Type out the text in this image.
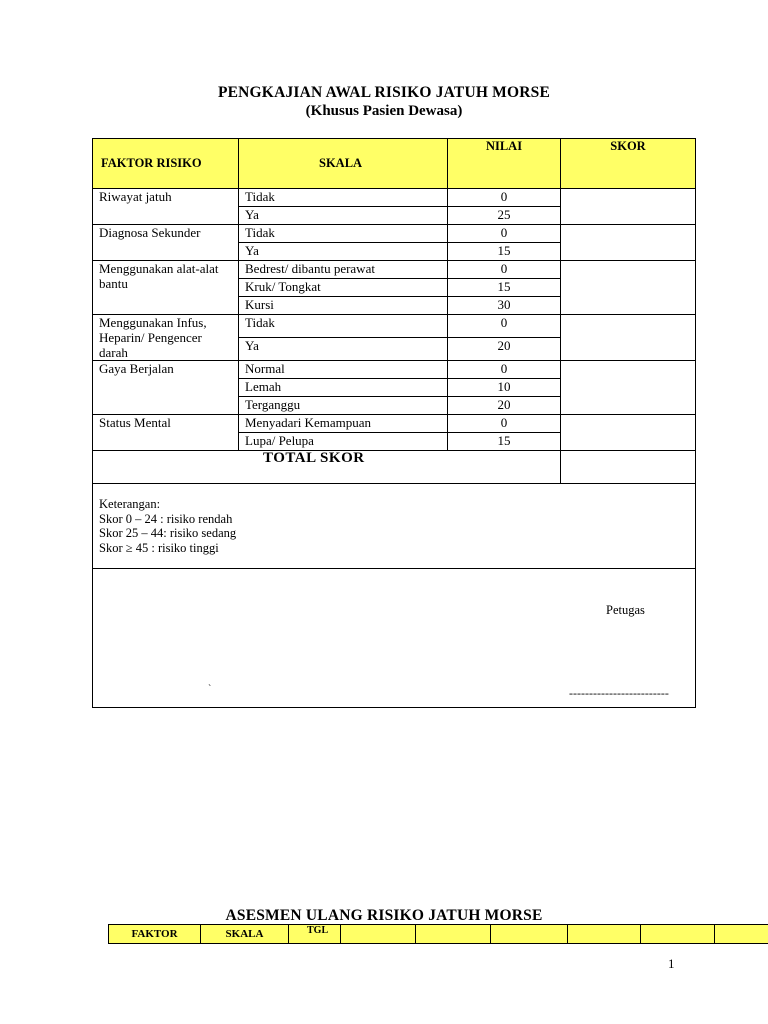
PENGKAJIAN AWAL RISIKO JATUH MORSE
(Khusus Pasien Dewasa)
FAKTOR RISIKO	SKALA	NILAI	SKOR
Riwayat jatuh	Tidak	0	
	Ya	25	
Diagnosa Sekunder	Tidak	0	
	Ya	15	
Menggunakan alat-alat bantu	Bedrest/ dibantu perawat	0	
	Kruk/ Tongkat	15	
	Kursi	30	
Menggunakan Infus, Heparin/ Pengencer darah	Tidak	0	
	Ya	20	
Gaya Berjalan	Normal	0	
	Lemah	10	
	Terganggu	20	
Status Mental	Menyadari Kemampuan	0	
	Lupa/ Pelupa	15	
TOTAL SKOR			

Keterangan:
Skor 0 – 24 : risiko rendah
Skor 25 – 44: risiko sedang
Skor ≥ 45 : risiko tinggi			

Petugas
`	-------------------------
ASESMEN ULANG RISIKO JATUH MORSE
FAKTOR	SKALA	TGL						
1
